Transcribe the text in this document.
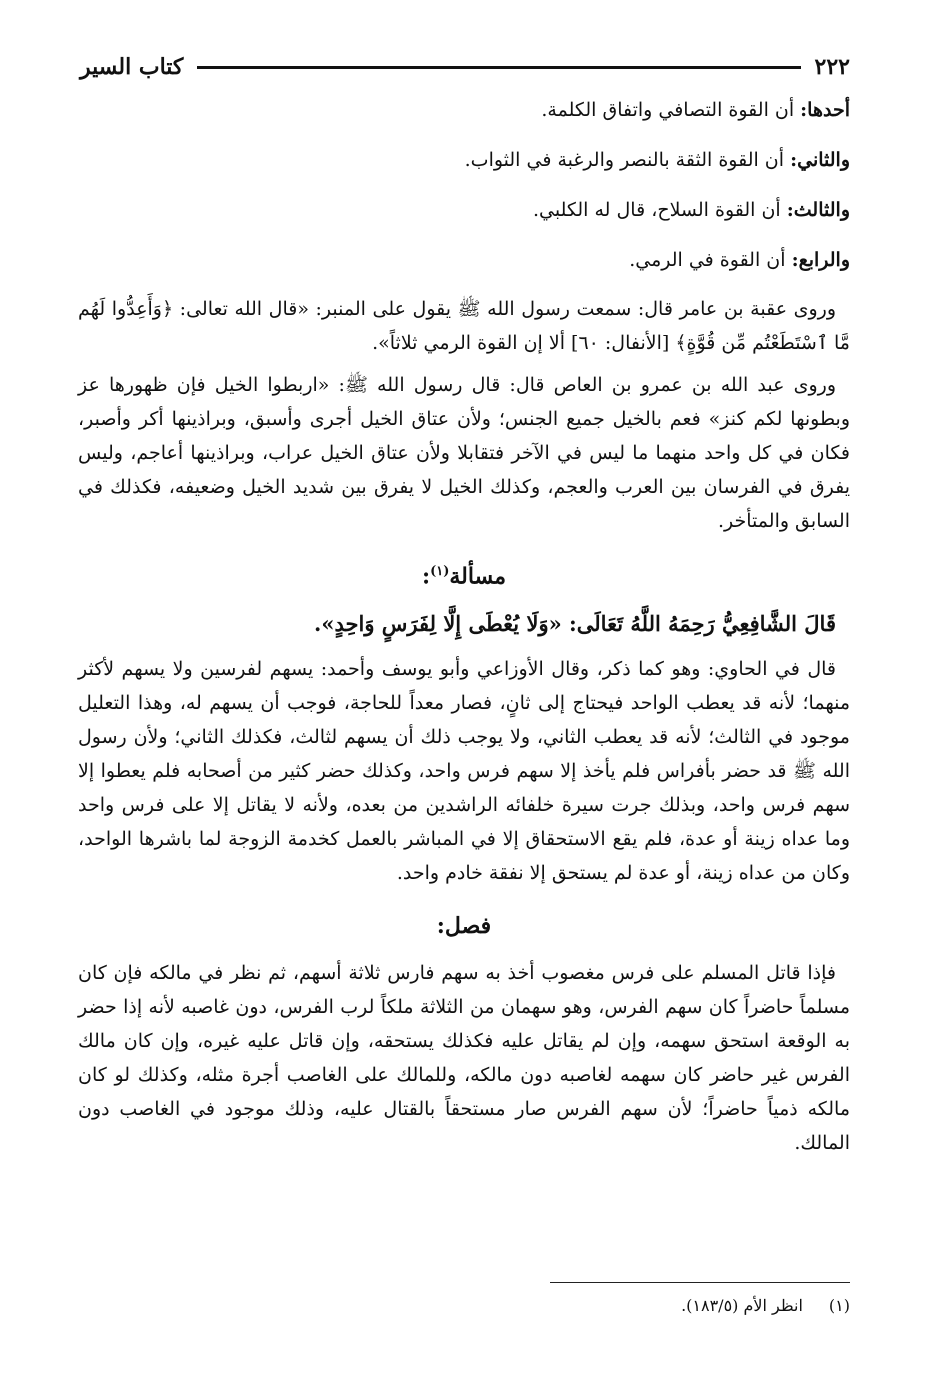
٢٢٢
كتاب السير

أحدها: أن القوة التصافي واتفاق الكلمة.

والثاني: أن القوة الثقة بالنصر والرغبة في الثواب.

والثالث: أن القوة السلاح، قال له الكلبي.

والرابع: أن القوة في الرمي.

وروى عقبة بن عامر قال: سمعت رسول الله ﷺ يقول على المنبر: «قال الله تعالى: ﴿وَأَعِدُّوا لَهُم مَّا ٱسْتَطَعْتُم مِّن قُوَّةٍ﴾ [الأنفال: ٦٠] ألا إن القوة الرمي ثلاثاً».

وروى عبد الله بن عمرو بن العاص قال: قال رسول الله ﷺ: «اربطوا الخيل فإن ظهورها عز وبطونها لكم كنز» فعم بالخيل جميع الجنس؛ ولأن عتاق الخيل أجرى وأسبق، وبراذينها أكر وأصبر، فكان في كل واحد منهما ما ليس في الآخر فتقابلا ولأن عتاق الخيل عراب، وبراذينها أعاجم، وليس يفرق في الفرسان بين العرب والعجم، وكذلك الخيل لا يفرق بين شديد الخيل وضعيفه، فكذلك في السابق والمتأخر.

مسألة$^{(١)}$:

قَالَ الشَّافِعِيُّ رَحِمَهُ اللَّهُ تَعَالَى: «وَلَا يُعْطَى إِلَّا لِفَرَسٍ وَاحِدٍ».

قال في الحاوي: وهو كما ذكر، وقال الأوزاعي وأبو يوسف وأحمد: يسهم لفرسين ولا يسهم لأكثر منهما؛ لأنه قد يعطب الواحد فيحتاج إلى ثانٍ، فصار معداً للحاجة، فوجب أن يسهم له، وهذا التعليل موجود في الثالث؛ لأنه قد يعطب الثاني، ولا يوجب ذلك أن يسهم لثالث، فكذلك الثاني؛ ولأن رسول الله ﷺ قد حضر بأفراس فلم يأخذ إلا سهم فرس واحد، وكذلك حضر كثير من أصحابه فلم يعطوا إلا سهم فرس واحد، وبذلك جرت سيرة خلفائه الراشدين من بعده، ولأنه لا يقاتل إلا على فرس واحد وما عداه زينة أو عدة، فلم يقع الاستحقاق إلا في المباشر بالعمل كخدمة الزوجة لما باشرها الواحد، وكان من عداه زينة، أو عدة لم يستحق إلا نفقة خادم واحد.

فصل:

فإذا قاتل المسلم على فرس مغصوب أخذ به سهم فارس ثلاثة أسهم، ثم نظر في مالكه فإن كان مسلماً حاضراً كان سهم الفرس، وهو سهمان من الثلاثة ملكاً لرب الفرس، دون غاصبه لأنه إذا حضر به الوقعة استحق سهمه، وإن لم يقاتل عليه فكذلك يستحقه، وإن قاتل عليه غيره، وإن كان مالك الفرس غير حاضر كان سهمه لغاصبه دون مالكه، وللمالك على الغاصب أجرة مثله، وكذلك لو كان مالكه ذمياً حاضراً؛ لأن سهم الفرس صار مستحقاً بالقتال عليه، وذلك موجود في الغاصب دون المالك.

(١)انظر الأم (١٨٣/٥).
